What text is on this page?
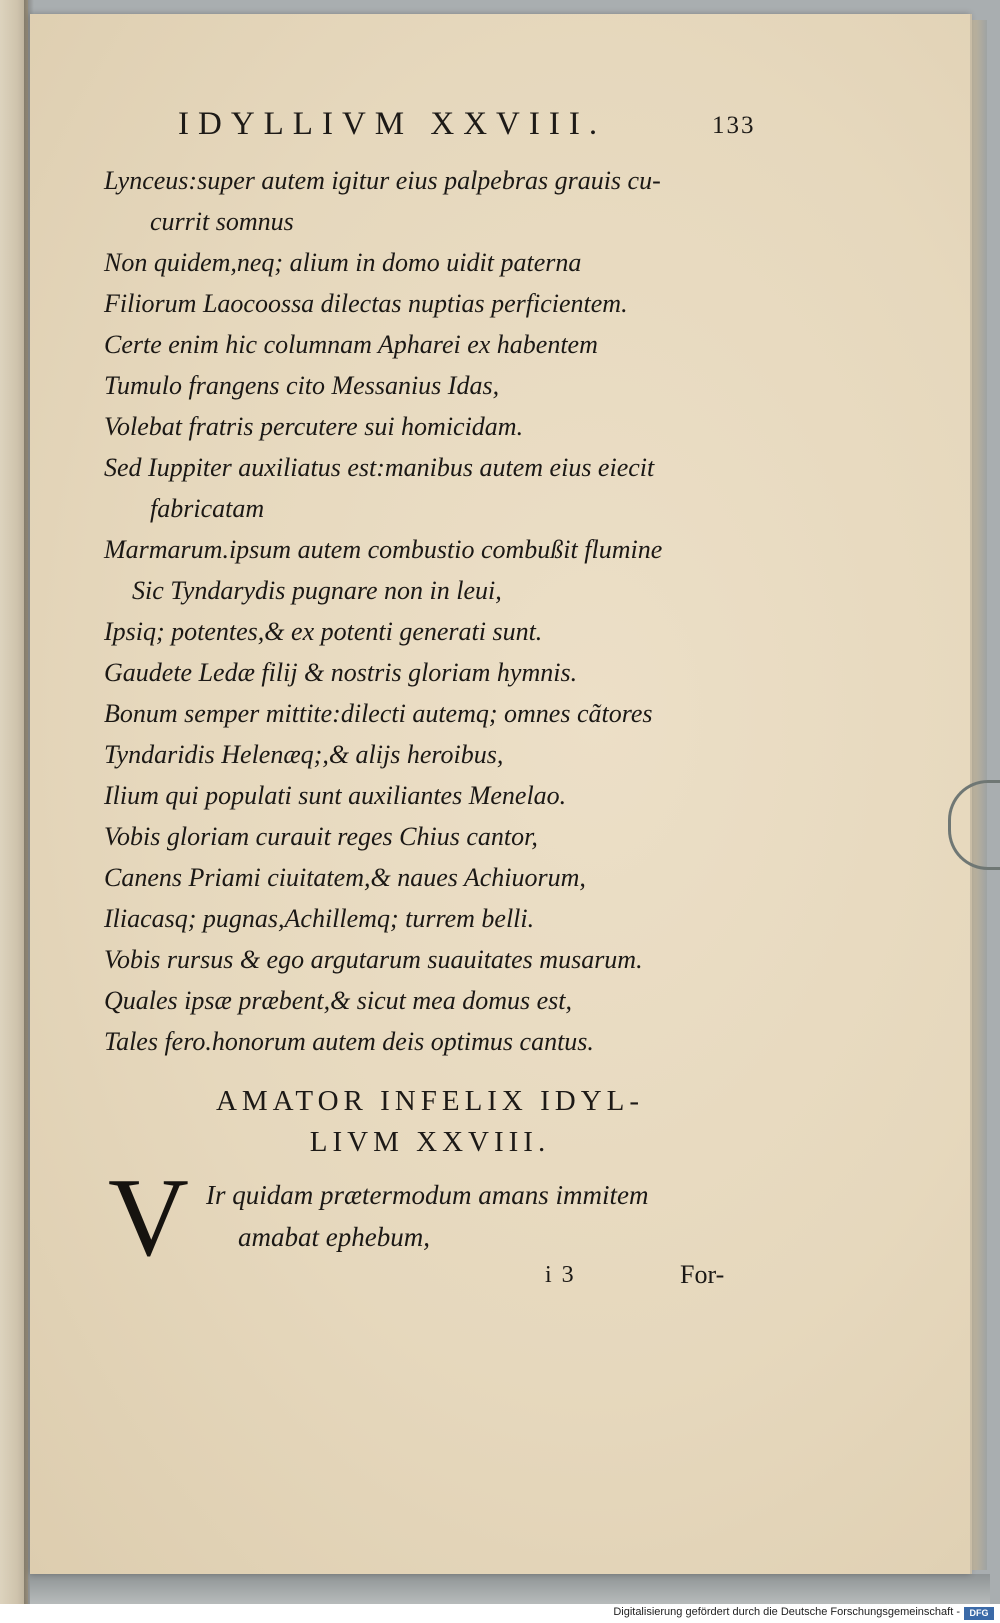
IDYLLIVM XXVIII.	133
Lynceus:super autem igitur eius palpebras grauis cu-
currit somnus
Non quidem,neq; alium in domo uidit paterna
Filiorum Laocoossa dilectas nuptias perficientem.
Certe enim hic columnam Apharei ex habentem
Tumulo frangens cito Messanius Idas,
Volebat fratris percutere sui homicidam.
Sed Iuppiter auxiliatus est:manibus autem eius eiecit
fabricatam
Marmarum.ipsum autem combustio combußit flumine
Sic Tyndarydis pugnare non in leui,
Ipsiq; potentes,& ex potenti generati sunt.
Gaudete Ledæ filij & nostris gloriam hymnis.
Bonum semper mittite:dilecti autemq; omnes cãtores
Tyndaridis Helenæq;,& alijs heroibus,
Ilium qui populati sunt auxiliantes Menelao.
Vobis gloriam curauit reges Chius cantor,
Canens Priami ciuitatem,& naues Achiuorum,
Iliacasq; pugnas,Achillemq; turrem belli.
Vobis rursus & ego argutarum suauitates musarum.
Quales ipsæ præbent,& sicut mea domus est,
Tales fero.honorum autem deis optimus cantus.
AMATOR INFELIX IDYL-
LIVM XXVIII.
V Ir quidam prætermodum amans immitem
amabat ephebum,
i 3	For-
Digitalisierung gefördert durch die Deutsche Forschungsgemeinschaft -	DFG
